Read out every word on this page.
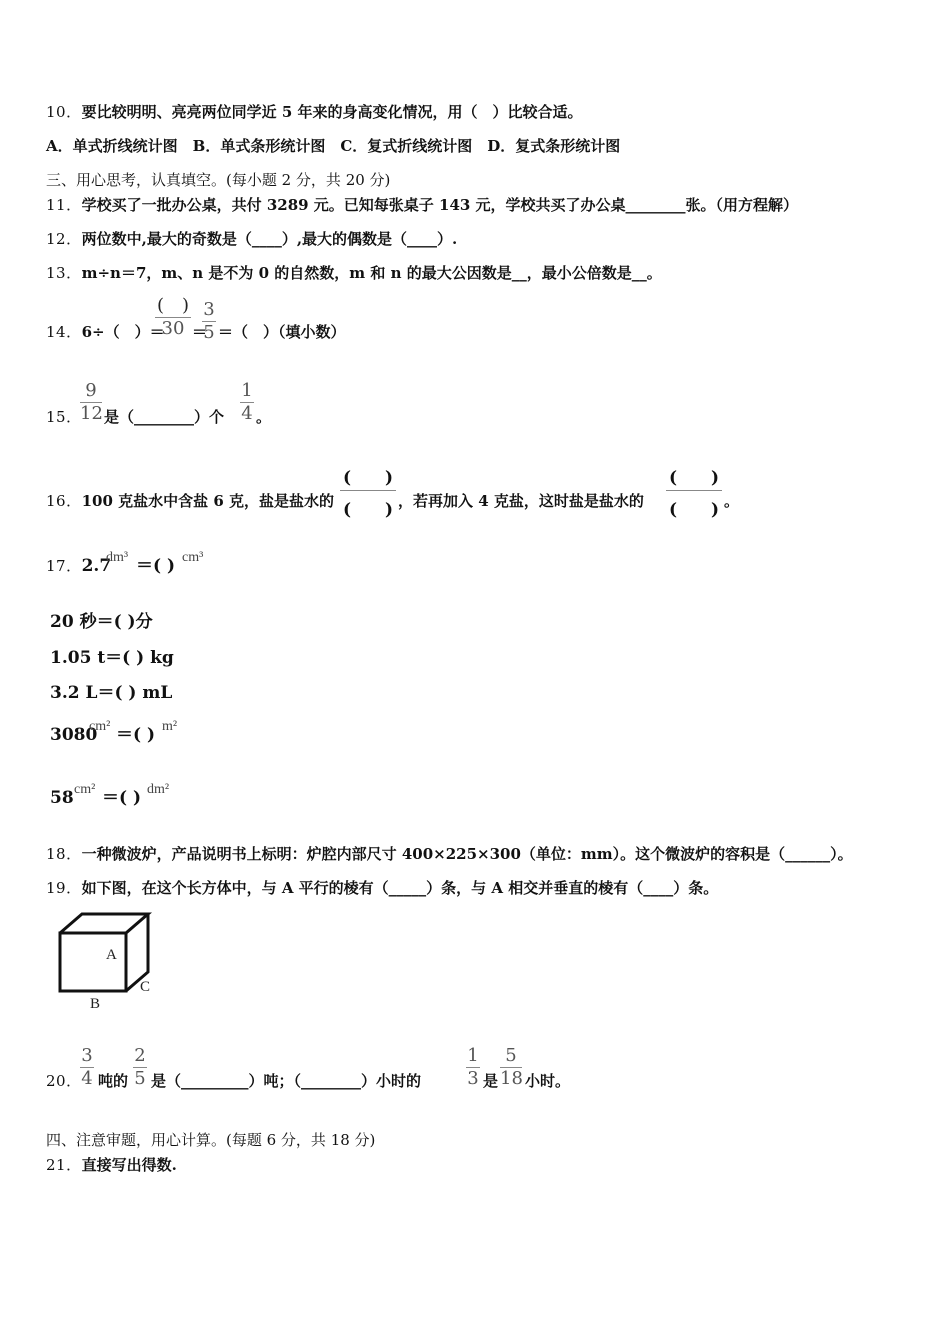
10．要比较明明、亮亮两位同学近 5 年来的身高变化情况，用（　）比较合适。
A．单式折线统计图　B．单式条形统计图　C．复式折线统计图　D．复式条形统计图
三、用心思考，认真填空。(每小题 2 分，共 20 分)
11．学校买了一批办公桌，共付 3289 元。已知每张桌子 143 元，学校共买了办公桌________张。（用方程解）
12．两位数中,最大的奇数是（____）,最大的偶数是（____）.
13．m÷n＝7，m、n 是不为 0 的自然数，m 和 n 的最大公因数是__，最小公倍数是__。
14．6÷（　）＝
(　)
30 ＝
3
5 ＝（　）（填小数）
15．
9
12 是（________）个
1
4 。
16．100 克盐水中含盐 6 克，盐是盐水的
(　　)
(　　) ，若再加入 4 克盐，这时盐是盐水的
(　　)
(　　) 。
17．2.7
dm³ ＝( ) cm³
20 秒＝( )分
1.05 t＝( ) kg
3.2 L＝( ) mL
3080
cm² ＝( ) m²
58 cm² ＝( ) dm²
18．一种微波炉，产品说明书上标明：炉腔内部尺寸 400×225×300（单位：mm）。这个微波炉的容积是（______）。
19．如下图，在这个长方体中，与 A 平行的棱有（_____）条，与 A 相交并垂直的棱有（____）条。
A
B
C
20．
3
4 吨的
2
5 是（_________）吨；（________）小时的
1
3 是
5
18 小时。
四、注意审题，用心计算。(每题 6 分，共 18 分)
21．直接写出得数.
